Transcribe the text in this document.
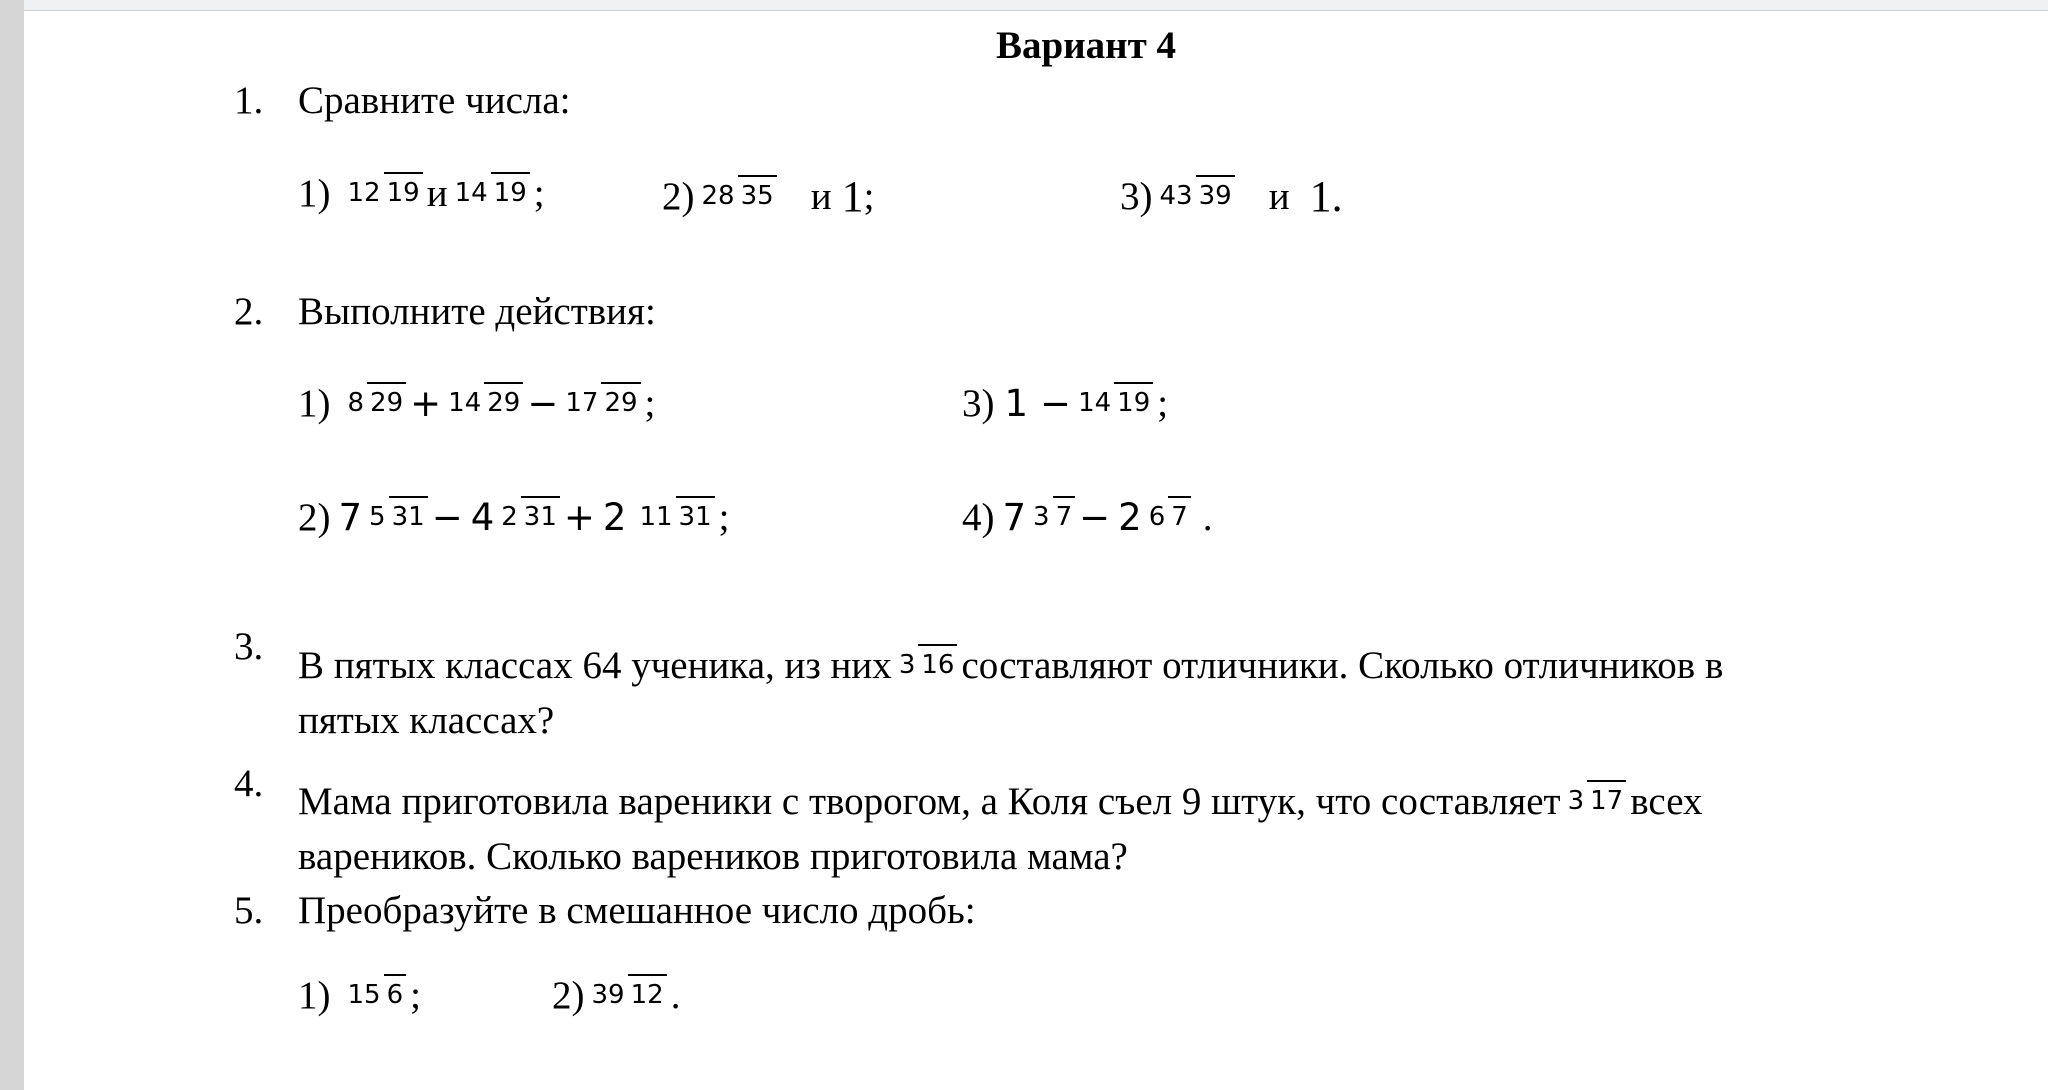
Вариант 4
1. Сравните числа:
1) 12 19 и 14 19 ;	2) 28 35 и 1 ;	3) 43 39 и 1 .
2. Выполните действия:
1) 8 29 + 14 29 − 17 29 ;	3) 1 − 14 19 ;
2) 7 5 31 − 4 2 31 + 2 11 31 ;	4) 7 3 7 − 2 6 7 .
3. В пятых классах 64 ученика, из них 3 16 составляют отличники. Сколько отличников в
пятых классах?
4. Мама приготовила вареники с творогом, а Коля съел 9 штук, что составляет 3 17 всех
вареников. Сколько вареников приготовила мама?
5. Преобразуйте в смешанное число дробь:
1) 15 6 ;	2) 39 12 .
